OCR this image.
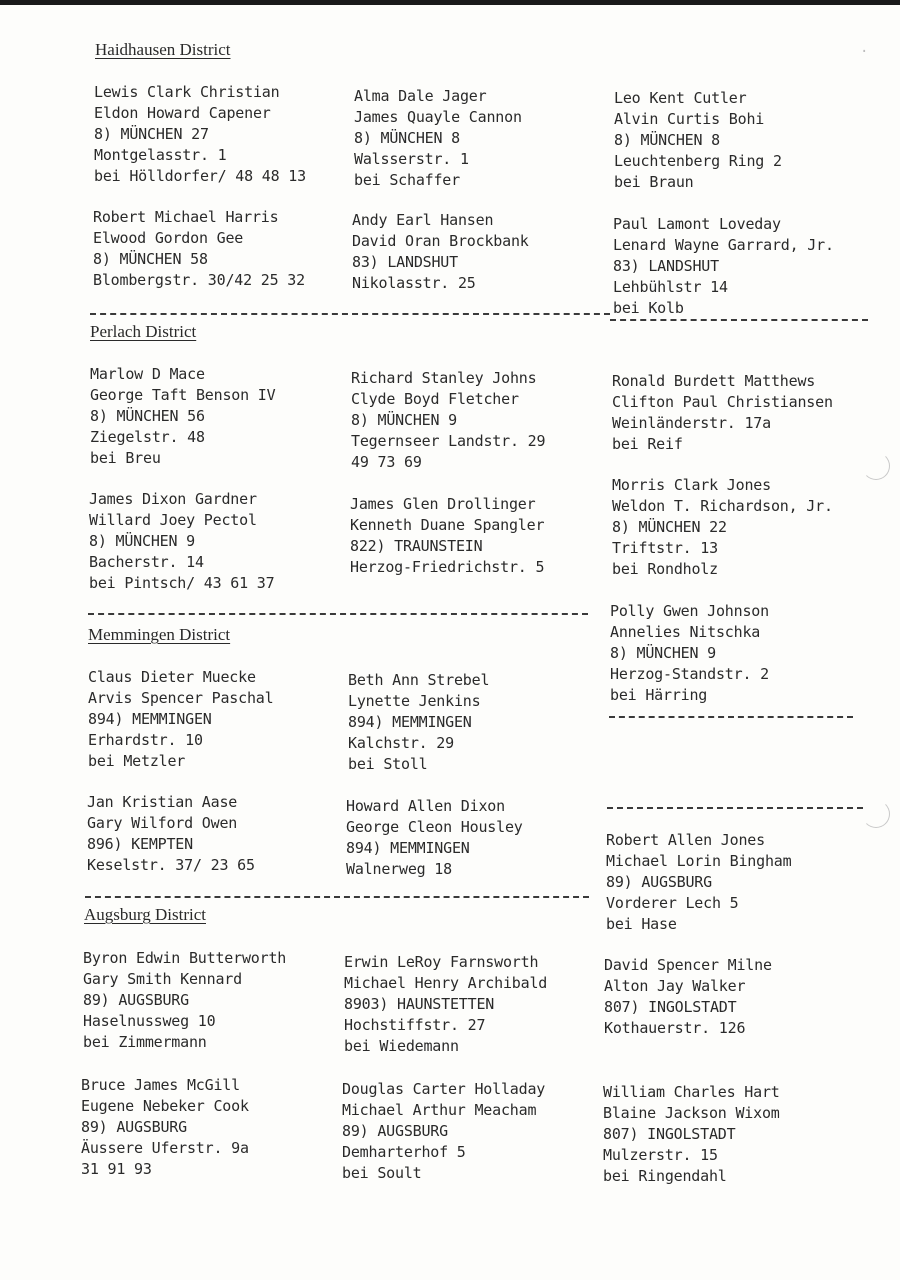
Haidhausen District
Lewis Clark Christian
Eldon Howard Capener
8) MÜNCHEN 27
Montgelasstr. 1
bei Hölldorfer/ 48 48 13
Alma Dale Jager
James Quayle Cannon
8) MÜNCHEN 8
Walsserstr. 1
bei Schaffer
Leo Kent Cutler
Alvin Curtis Bohi
8) MÜNCHEN 8
Leuchtenberg Ring 2
bei Braun
Robert Michael Harris
Elwood Gordon Gee
8) MÜNCHEN 58
Blombergstr. 30/42 25 32
Andy Earl Hansen
David Oran Brockbank
83) LANDSHUT
Nikolasstr. 25
Paul Lamont Loveday
Lenard Wayne Garrard, Jr.
83) LANDSHUT
Lehbühlstr 14
bei Kolb
Perlach District
Marlow D Mace
George Taft Benson IV
8) MÜNCHEN 56
Ziegelstr. 48
bei Breu
Richard Stanley Johns
Clyde Boyd Fletcher
8) MÜNCHEN 9
Tegernseer Landstr. 29
49 73 69
Ronald Burdett Matthews
Clifton Paul Christiansen
Weinländerstr. 17a
bei Reif
Morris Clark Jones
Weldon T. Richardson, Jr.
8) MÜNCHEN 22
Triftstr. 13
bei Rondholz
James Dixon Gardner
Willard Joey Pectol
8) MÜNCHEN 9
Bacherstr. 14
bei Pintsch/ 43 61 37
James Glen Drollinger
Kenneth Duane Spangler
822) TRAUNSTEIN
Herzog-Friedrichstr. 5
Polly Gwen Johnson
Annelies Nitschka
8) MÜNCHEN 9
Herzog-Standstr. 2
bei Härring
Memmingen District
Claus Dieter Muecke
Arvis Spencer Paschal
894) MEMMINGEN
Erhardstr. 10
bei Metzler
Beth Ann Strebel
Lynette Jenkins
894) MEMMINGEN
Kalchstr. 29
bei Stoll
Jan Kristian Aase
Gary Wilford Owen
896) KEMPTEN
Keselstr. 37/ 23 65
Howard Allen Dixon
George Cleon Housley
894) MEMMINGEN
Walnerweg 18
Robert Allen Jones
Michael Lorin Bingham
89) AUGSBURG
Vorderer Lech 5
bei Hase
Augsburg District
Byron Edwin Butterworth
Gary Smith Kennard
89) AUGSBURG
Haselnussweg 10
bei Zimmermann
Erwin LeRoy Farnsworth
Michael Henry Archibald
8903) HAUNSTETTEN
Hochstiffstr. 27
bei Wiedemann
David Spencer Milne
Alton Jay Walker
807) INGOLSTADT
Kothauerstr. 126
Bruce James McGill
Eugene Nebeker Cook
89) AUGSBURG
Äussere Uferstr. 9a
31 91 93
Douglas Carter Holladay
Michael Arthur Meacham
89) AUGSBURG
Demharterhof 5
bei Soult
William Charles Hart
Blaine Jackson Wixom
807) INGOLSTADT
Mulzerstr. 15
bei Ringendahl
·
